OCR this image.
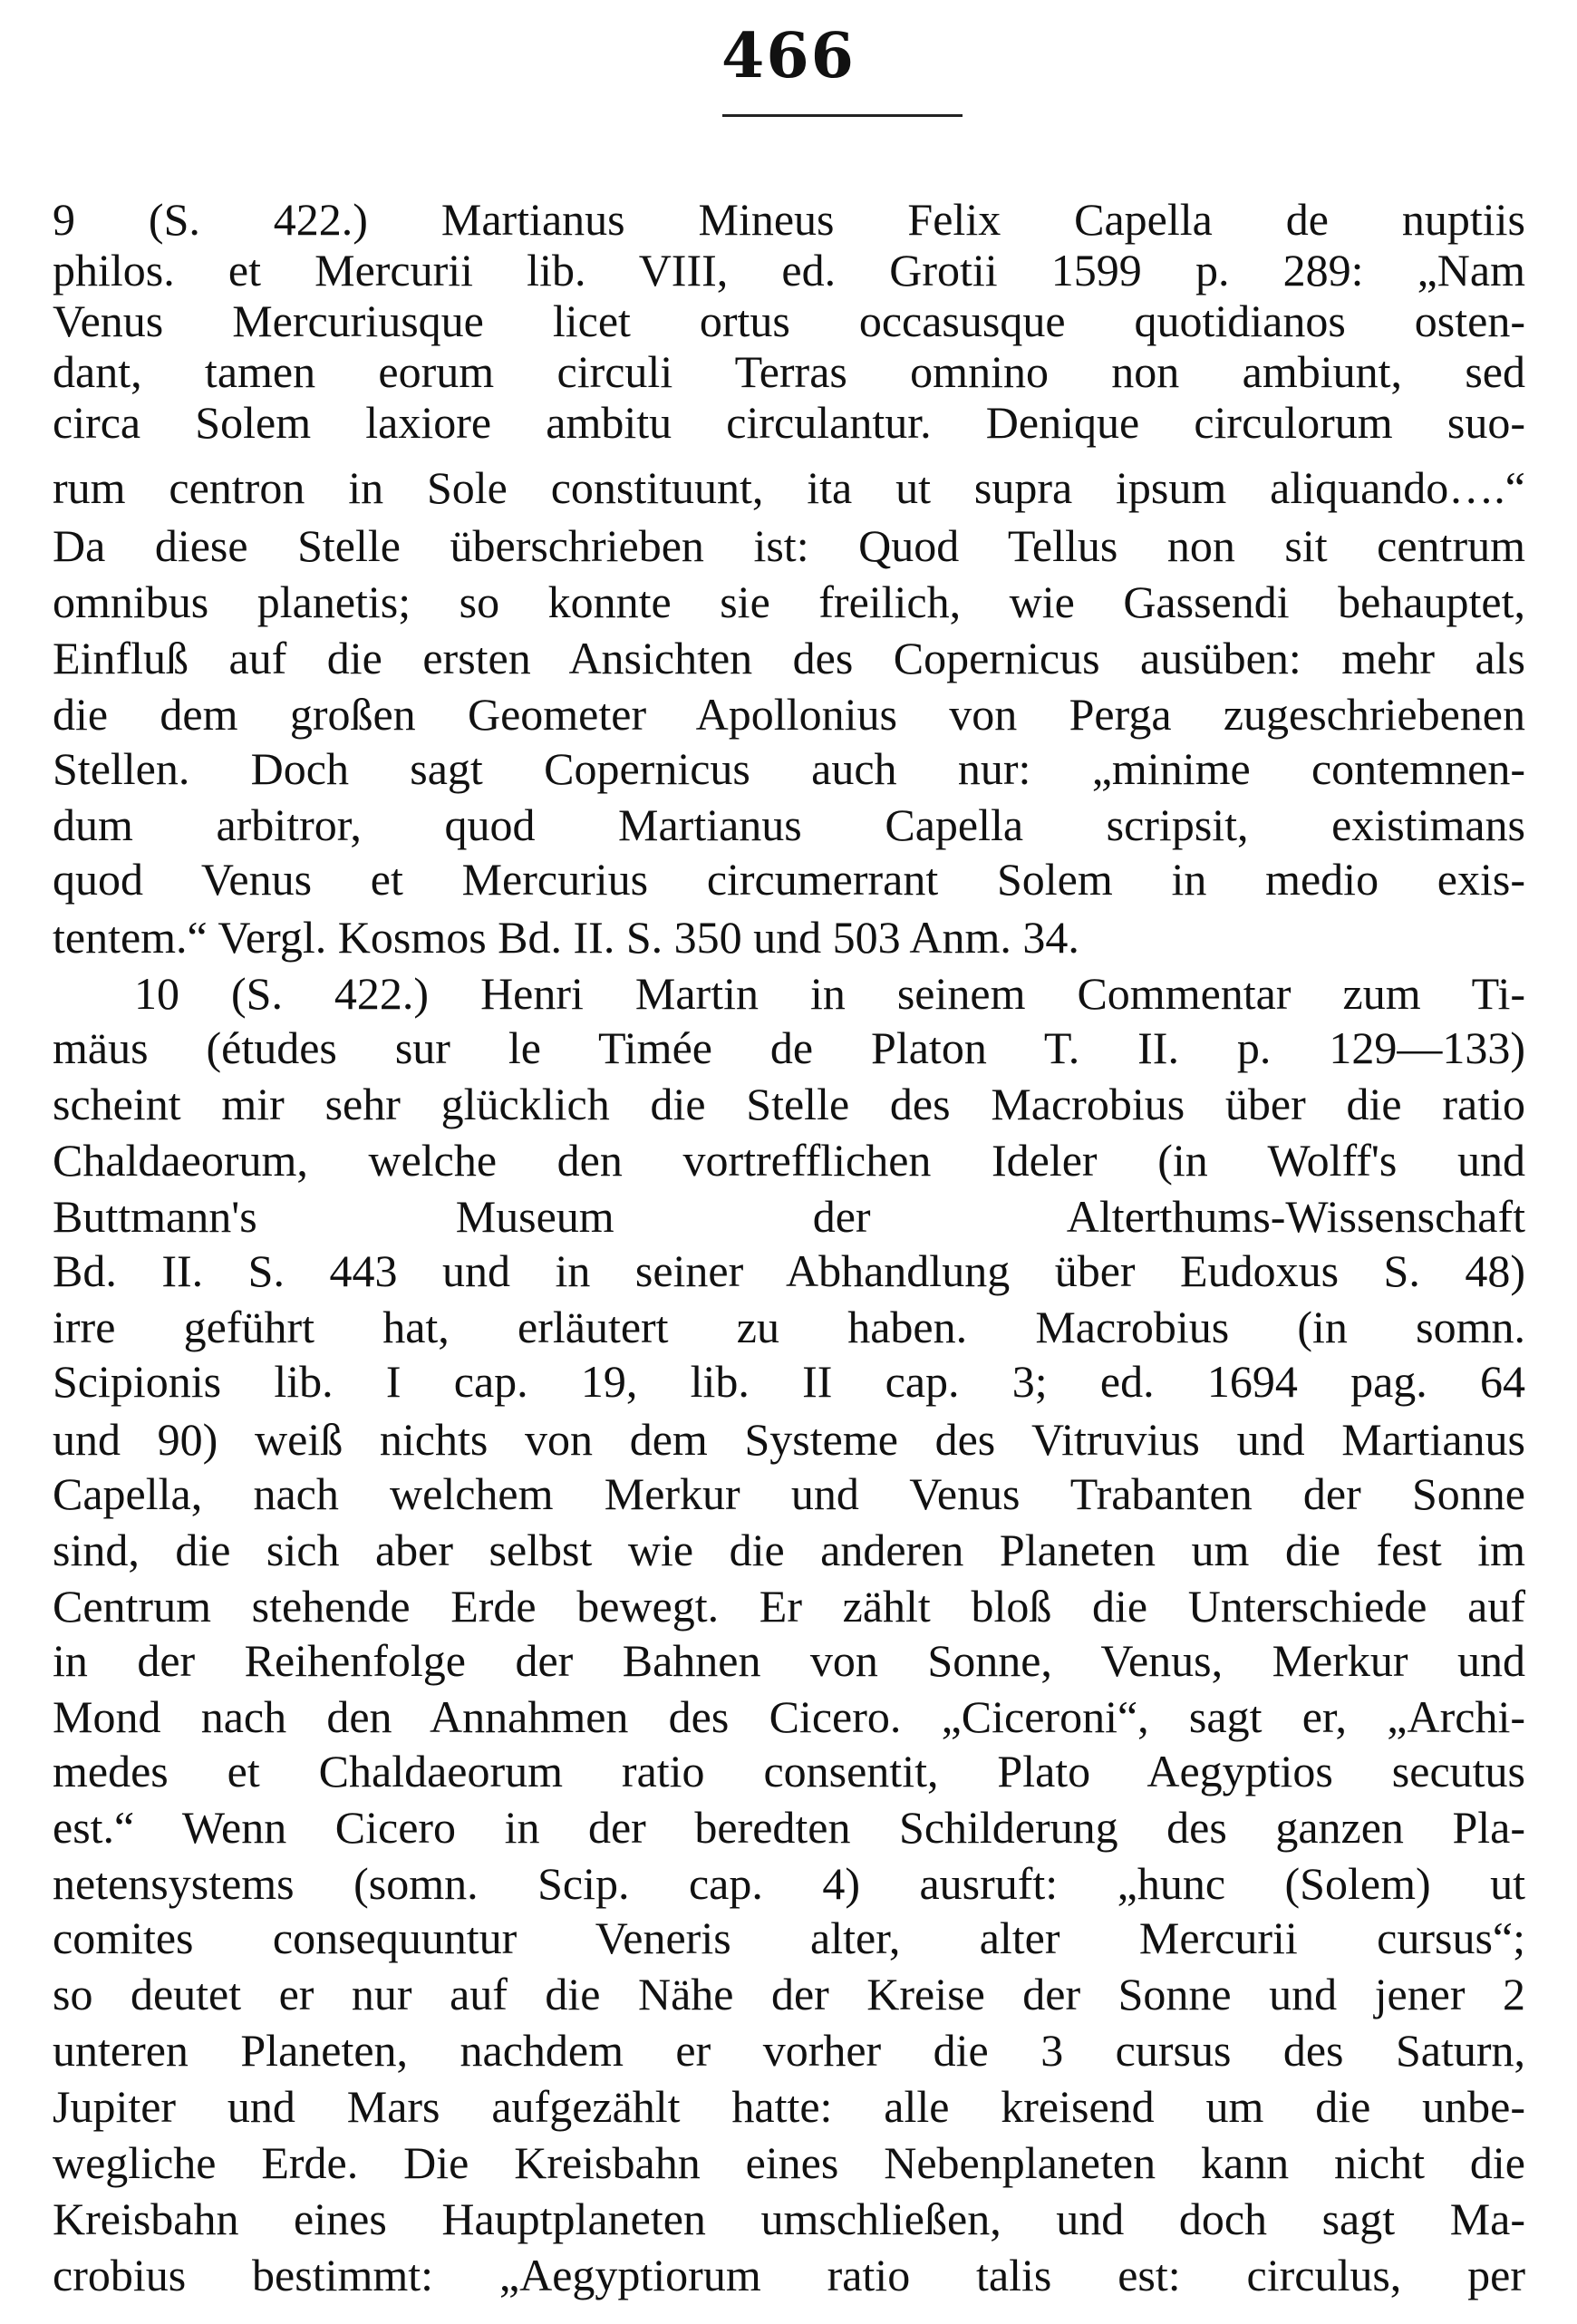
466
9 (S. 422.) Martianus Mineus Felix Capella de nuptiis
philos. et Mercurii lib. VIII, ed. Grotii 1599 p. 289: „Nam
Venus Mercuriusque licet ortus occasusque quotidianos osten-
dant, tamen eorum circuli Terras omnino non ambiunt, sed
circa Solem laxiore ambitu circulantur. Denique circulorum suo-
rum centron in Sole constituunt, ita ut supra ipsum aliquando….“
Da diese Stelle überschrieben ist: Quod Tellus non sit centrum
omnibus planetis; so konnte sie freilich, wie Gassendi behauptet,
Einfluß auf die ersten Ansichten des Copernicus ausüben: mehr als
die dem großen Geometer Apollonius von Perga zugeschriebenen
Stellen. Doch sagt Copernicus auch nur: „minime contemnen-
dum arbitror, quod Martianus Capella scripsit, existimans
quod Venus et Mercurius circumerrant Solem in medio exis-
tentem.“ Vergl. Kosmos Bd. II. S. 350 und 503 Anm. 34.
10 (S. 422.) Henri Martin in seinem Commentar zum Ti-
mäus (études sur le Timée de Platon T. II. p. 129—133)
scheint mir sehr glücklich die Stelle des Macrobius über die ratio
Chaldaeorum, welche den vortrefflichen Ideler (in Wolff's und
Buttmann's Museum der Alterthums-Wissenschaft
Bd. II. S. 443 und in seiner Abhandlung über Eudoxus S. 48)
irre geführt hat, erläutert zu haben. Macrobius (in somn.
Scipionis lib. I cap. 19, lib. II cap. 3; ed. 1694 pag. 64
und 90) weiß nichts von dem Systeme des Vitruvius und Martianus
Capella, nach welchem Merkur und Venus Trabanten der Sonne
sind, die sich aber selbst wie die anderen Planeten um die fest im
Centrum stehende Erde bewegt. Er zählt bloß die Unterschiede auf
in der Reihenfolge der Bahnen von Sonne, Venus, Merkur und
Mond nach den Annahmen des Cicero. „Ciceroni“, sagt er, „Archi-
medes et Chaldaeorum ratio consentit, Plato Aegyptios secutus
est.“ Wenn Cicero in der beredten Schilderung des ganzen Pla-
netensystems (somn. Scip. cap. 4) ausruft: „hunc (Solem) ut
comites consequuntur Veneris alter, alter Mercurii cursus“;
so deutet er nur auf die Nähe der Kreise der Sonne und jener 2
unteren Planeten, nachdem er vorher die 3 cursus des Saturn,
Jupiter und Mars aufgezählt hatte: alle kreisend um die unbe-
wegliche Erde. Die Kreisbahn eines Nebenplaneten kann nicht die
Kreisbahn eines Hauptplaneten umschließen, und doch sagt Ma-
crobius bestimmt: „Aegyptiorum ratio talis est: circulus, per
